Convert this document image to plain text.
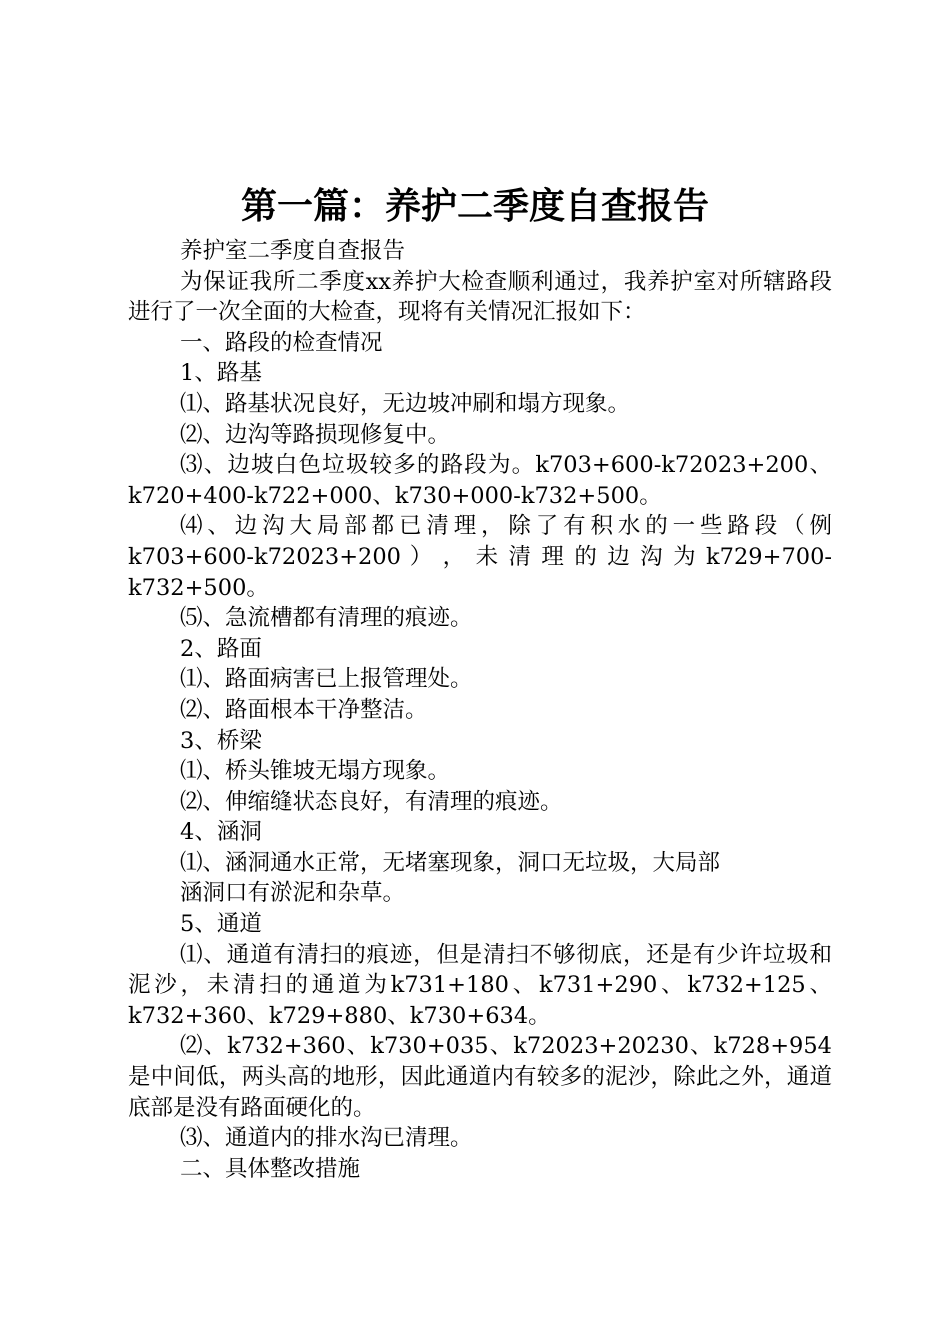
第一篇：养护二季度自查报告

养护室二季度自查报告

为保证我所二季度xx养护大检查顺利通过，我养护室对所辖路段进行了一次全面的大检查，现将有关情况汇报如下：

一、路段的检查情况

1、路基

⑴、路基状况良好，无边坡冲刷和塌方现象。

⑵、边沟等路损现修复中。

⑶、边坡白色垃圾较多的路段为。k703+600-k72023+200、k720+400-k722+000、k730+000-k732+500。

⑷、边沟大局部都已清理，除了有积水的一些路段（例k703+600-k72023+200 ） ， 未 清 理 的 边 沟 为 k729+700-k732+500。

⑸、急流槽都有清理的痕迹。

2、路面

⑴、路面病害已上报管理处。

⑵、路面根本干净整洁。

3、桥梁

⑴、桥头锥坡无塌方现象。

⑵、伸缩缝状态良好，有清理的痕迹。

4、涵洞

⑴、涵洞通水正常，无堵塞现象，洞口无垃圾，大局部

涵洞口有淤泥和杂草。

5、通道

⑴、通道有清扫的痕迹，但是清扫不够彻底，还是有少许垃圾和泥沙，未清扫的通道为k731+180、k731+290、k732+125、k732+360、k729+880、k730+634。

⑵、k732+360、k730+035、k72023+20230、k728+954是中间低，两头高的地形，因此通道内有较多的泥沙，除此之外，通道底部是没有路面硬化的。

⑶、通道内的排水沟已清理。

二、具体整改措施
